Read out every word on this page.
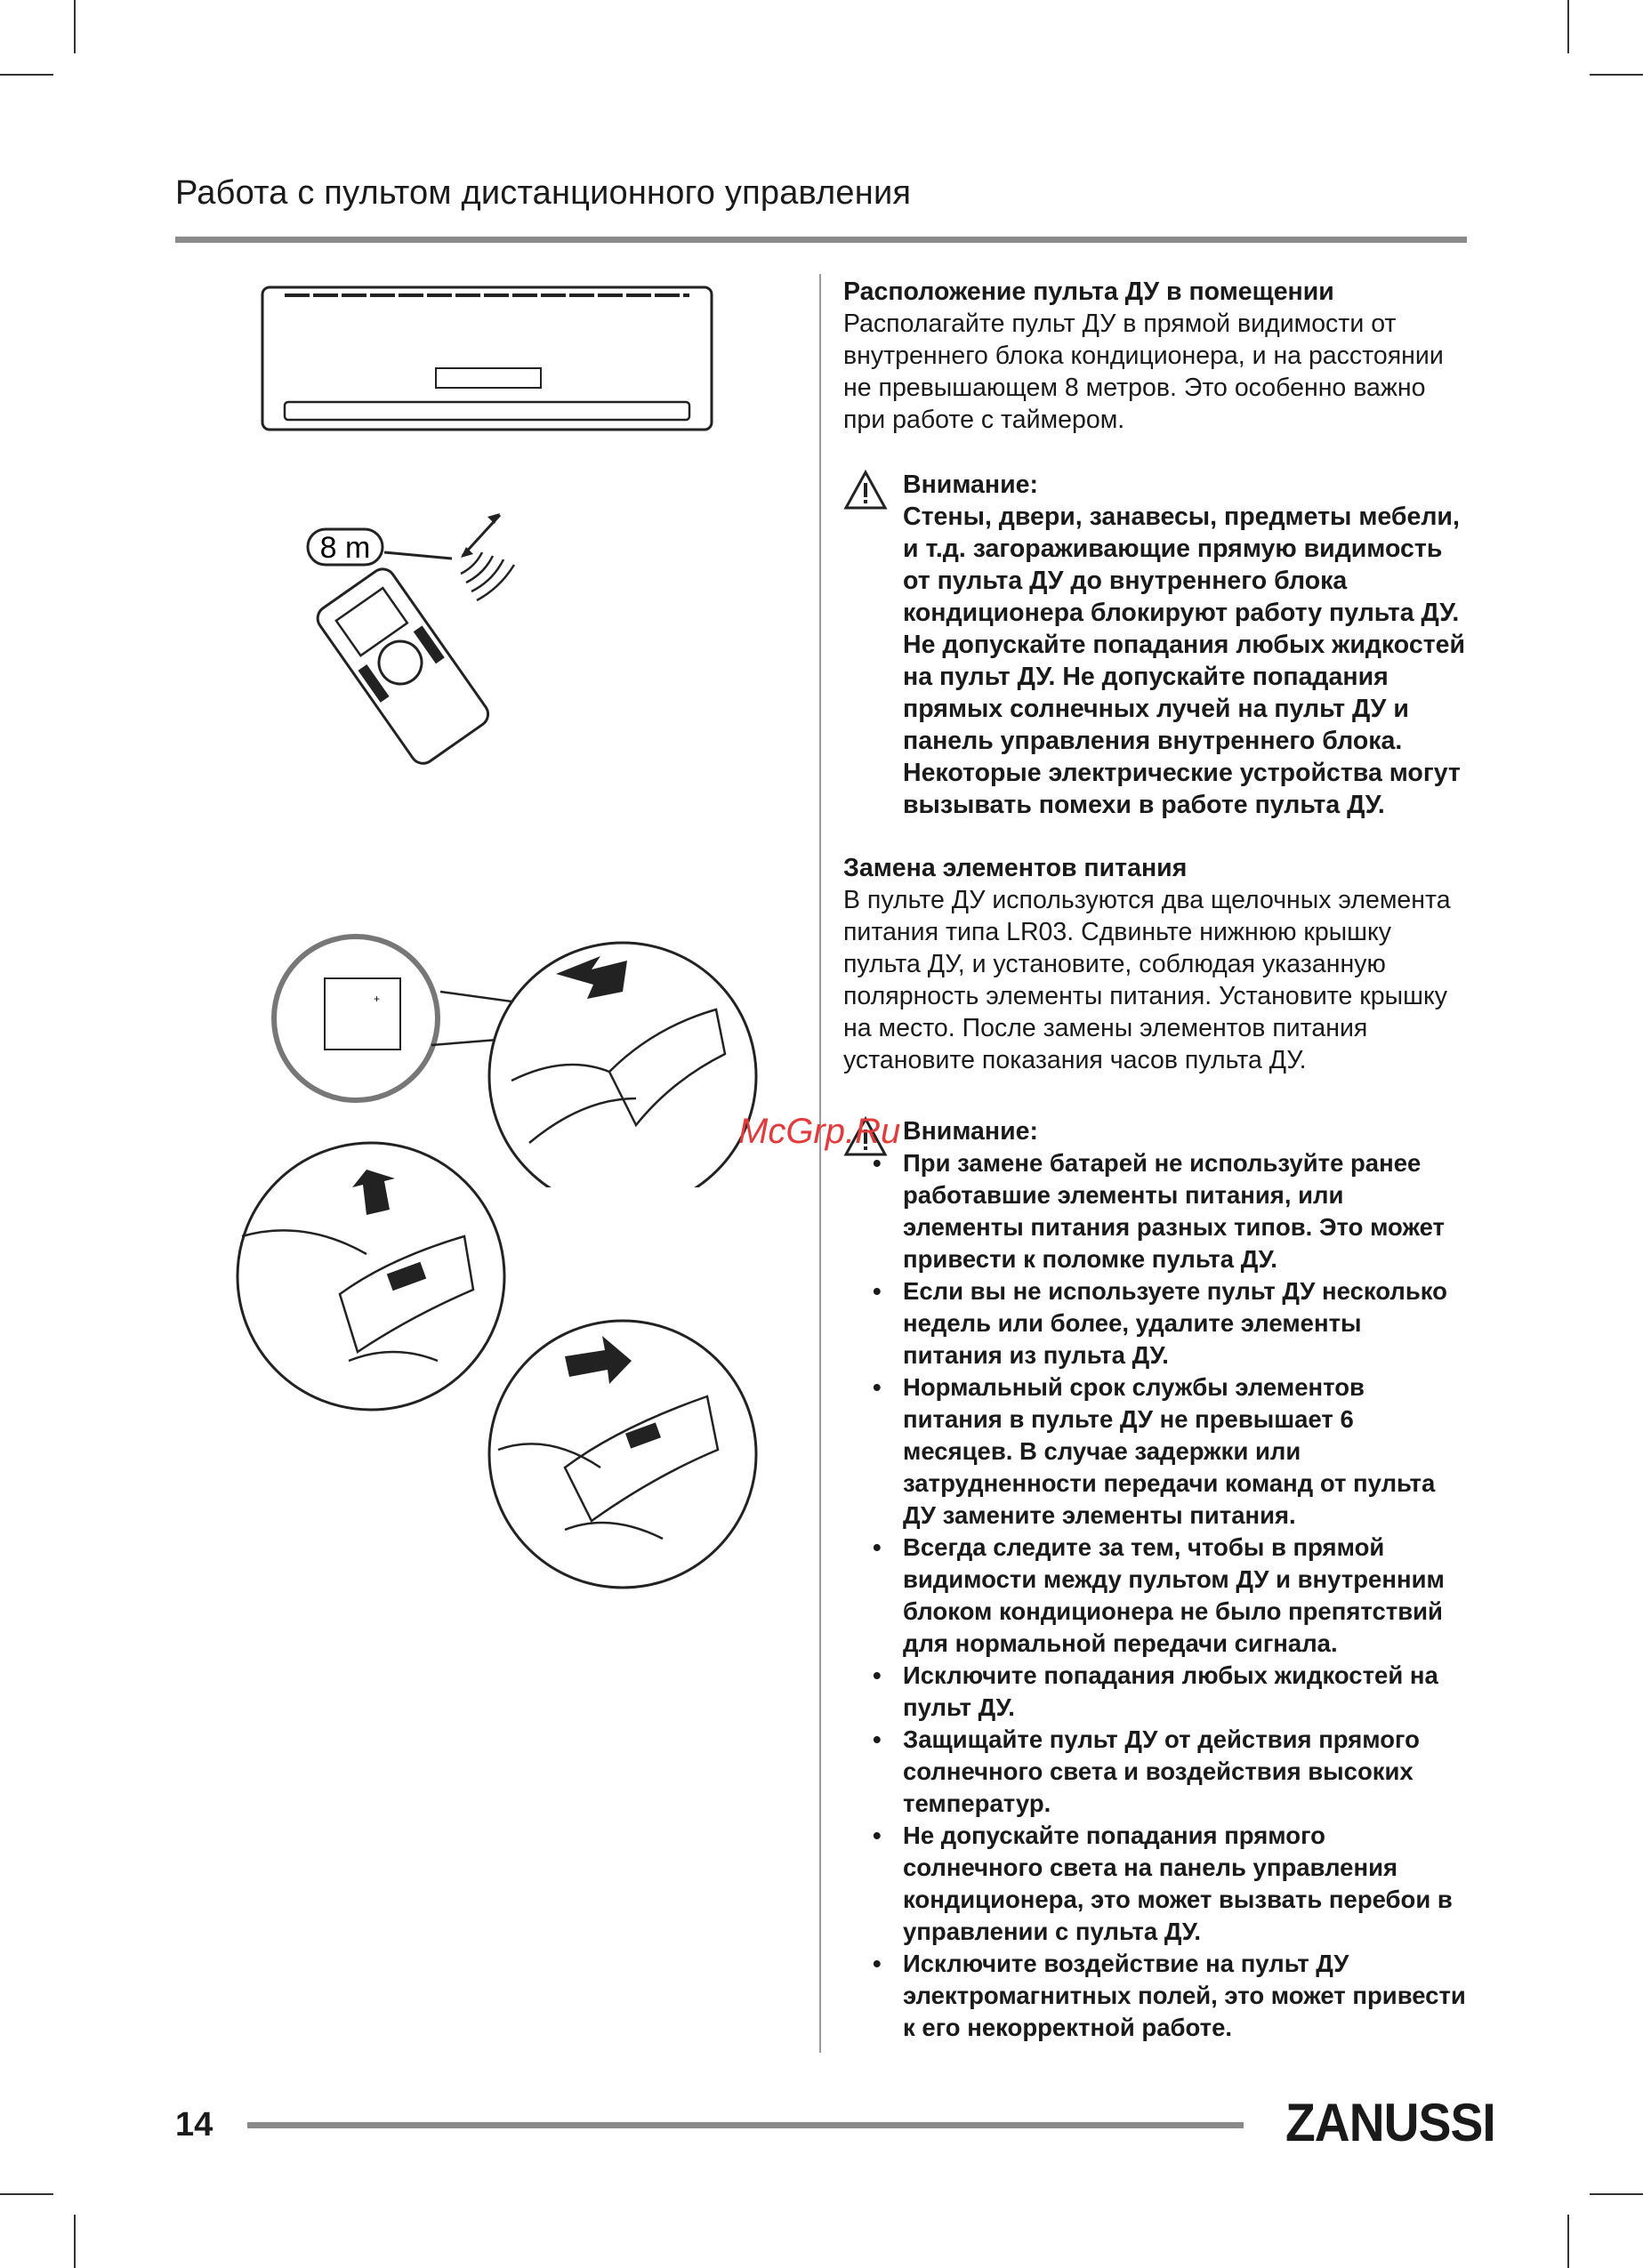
Работа с пультом дистанционного управления
8 m
+
Расположение пульта ДУ в помещении

Располагайте пульт ДУ в прямой видимости от внутреннего блока кондиционера, и на расстоянии не превышающем 8 метров. Это особенно важно при работе с таймером.

Внимание:
Стены, двери, занавесы, предметы мебели, и т.д. загораживающие прямую видимость от пульта ДУ до внутреннего блока кондиционера блокируют работу пульта ДУ. Не допускайте попадания любых жидкостей на пульт ДУ. Не допускайте попадания прямых солнечных лучей на пульт ДУ и панель управления внутреннего блока. Некоторые электрические устройства могут вызывать помехи в работе пульта ДУ.
Замена элементов питания

В пульте ДУ используются два щелочных элемента питания типа LR03. Сдвиньте нижнюю крышку пульта ДУ, и установите, соблюдая указанную полярность элементы питания. Установите крышку на место. После замены элементов питания установите показания часов пульта ДУ.

Внимание:
• При замене батарей не используйте ранее работавшие элементы питания, или элементы питания разных типов. Это может привести к поломке пульта ДУ.
• Если вы не используете пульт ДУ несколько недель или более, удалите элементы питания из пульта ДУ.
• Нормальный срок службы элементов питания в пульте ДУ не превышает 6 месяцев. В случае задержки или затрудненности передачи команд от пульта ДУ замените элементы питания.
• Всегда следите за тем, чтобы в прямой видимости между пультом ДУ и внутренним блоком кондиционера не было препятствий для нормальной передачи сигнала.
• Исключите попадания любых жидкостей на пульт ДУ.
• Защищайте пульт ДУ от действия прямого солнечного света и воздействия высоких температур.
• Не допускайте попадания прямого солнечного света на панель управления кондиционера, это может вызвать перебои в управлении с пульта ДУ.
• Исключите воздействие на пульт ДУ электромагнитных полей, это может привести к его некорректной работе.
McGrp.Ru
14	ZANUSSI
